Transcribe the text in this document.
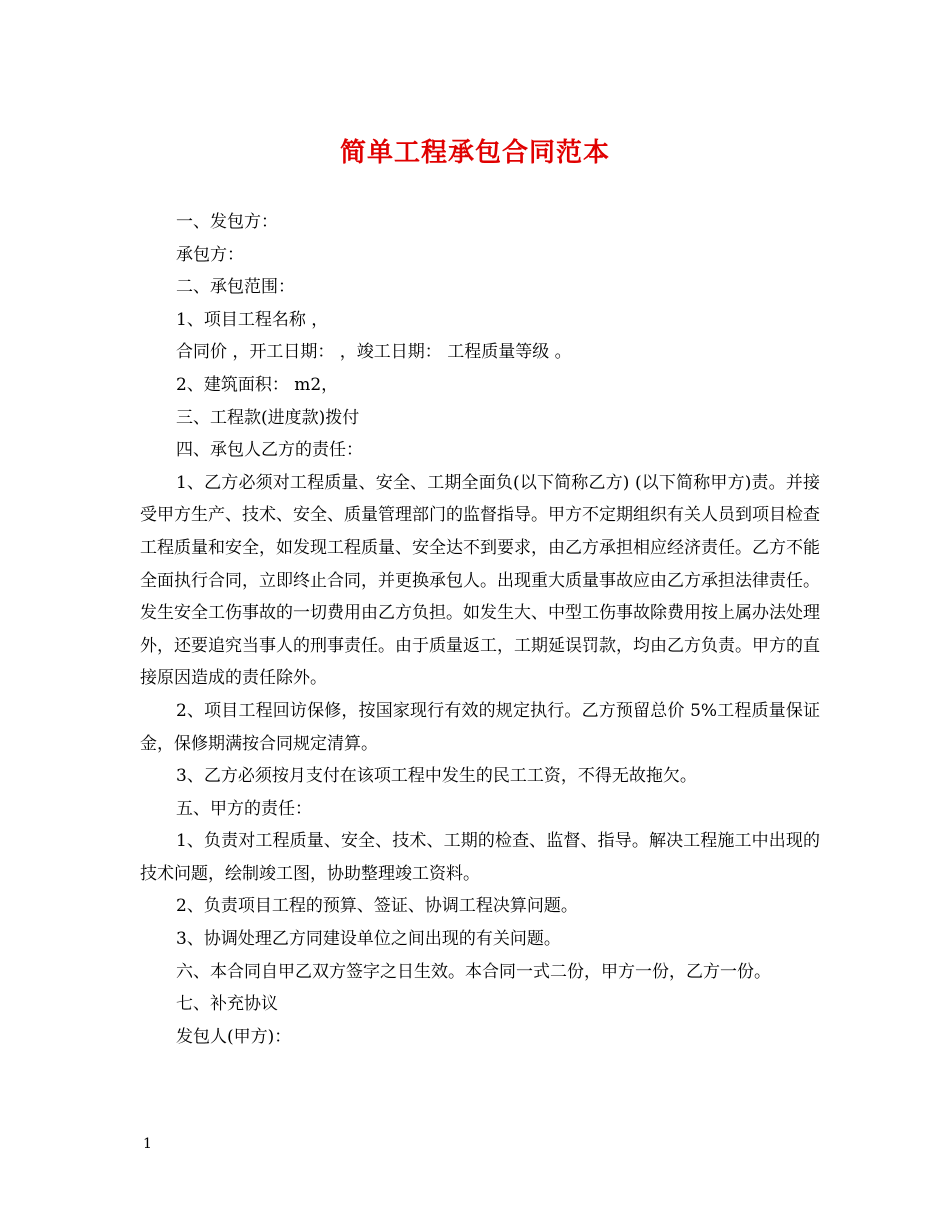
简单工程承包合同范本

一、发包方：

承包方：

二、承包范围：

1、项目工程名称 ，

合同价 ，开工日期： ，竣工日期： 工程质量等级 。

2、建筑面积： m2，

三、工程款(进度款)拨付

四、承包人乙方的责任：

1、乙方必须对工程质量、安全、工期全面负(以下简称乙方) (以下简称甲方)责。并接受甲方生产、技术、安全、质量管理部门的监督指导。甲方不定期组织有关人员到项目检查工程质量和安全，如发现工程质量、安全达不到要求，由乙方承担相应经济责任。乙方不能全面执行合同，立即终止合同，并更换承包人。出现重大质量事故应由乙方承担法律责任。发生安全工伤事故的一切费用由乙方负担。如发生大、中型工伤事故除费用按上属办法处理外，还要追究当事人的刑事责任。由于质量返工，工期延误罚款，均由乙方负责。甲方的直接原因造成的责任除外。

2、项目工程回访保修，按国家现行有效的规定执行。乙方预留总价 5%工程质量保证金，保修期满按合同规定清算。

3、乙方必须按月支付在该项工程中发生的民工工资，不得无故拖欠。

五、甲方的责任：

1、负责对工程质量、安全、技术、工期的检查、监督、指导。解决工程施工中出现的技术问题，绘制竣工图，协助整理竣工资料。

2、负责项目工程的预算、签证、协调工程决算问题。

3、协调处理乙方同建设单位之间出现的有关问题。

六、本合同自甲乙双方签字之日生效。本合同一式二份，甲方一份，乙方一份。

七、补充协议

发包人(甲方)：

1
